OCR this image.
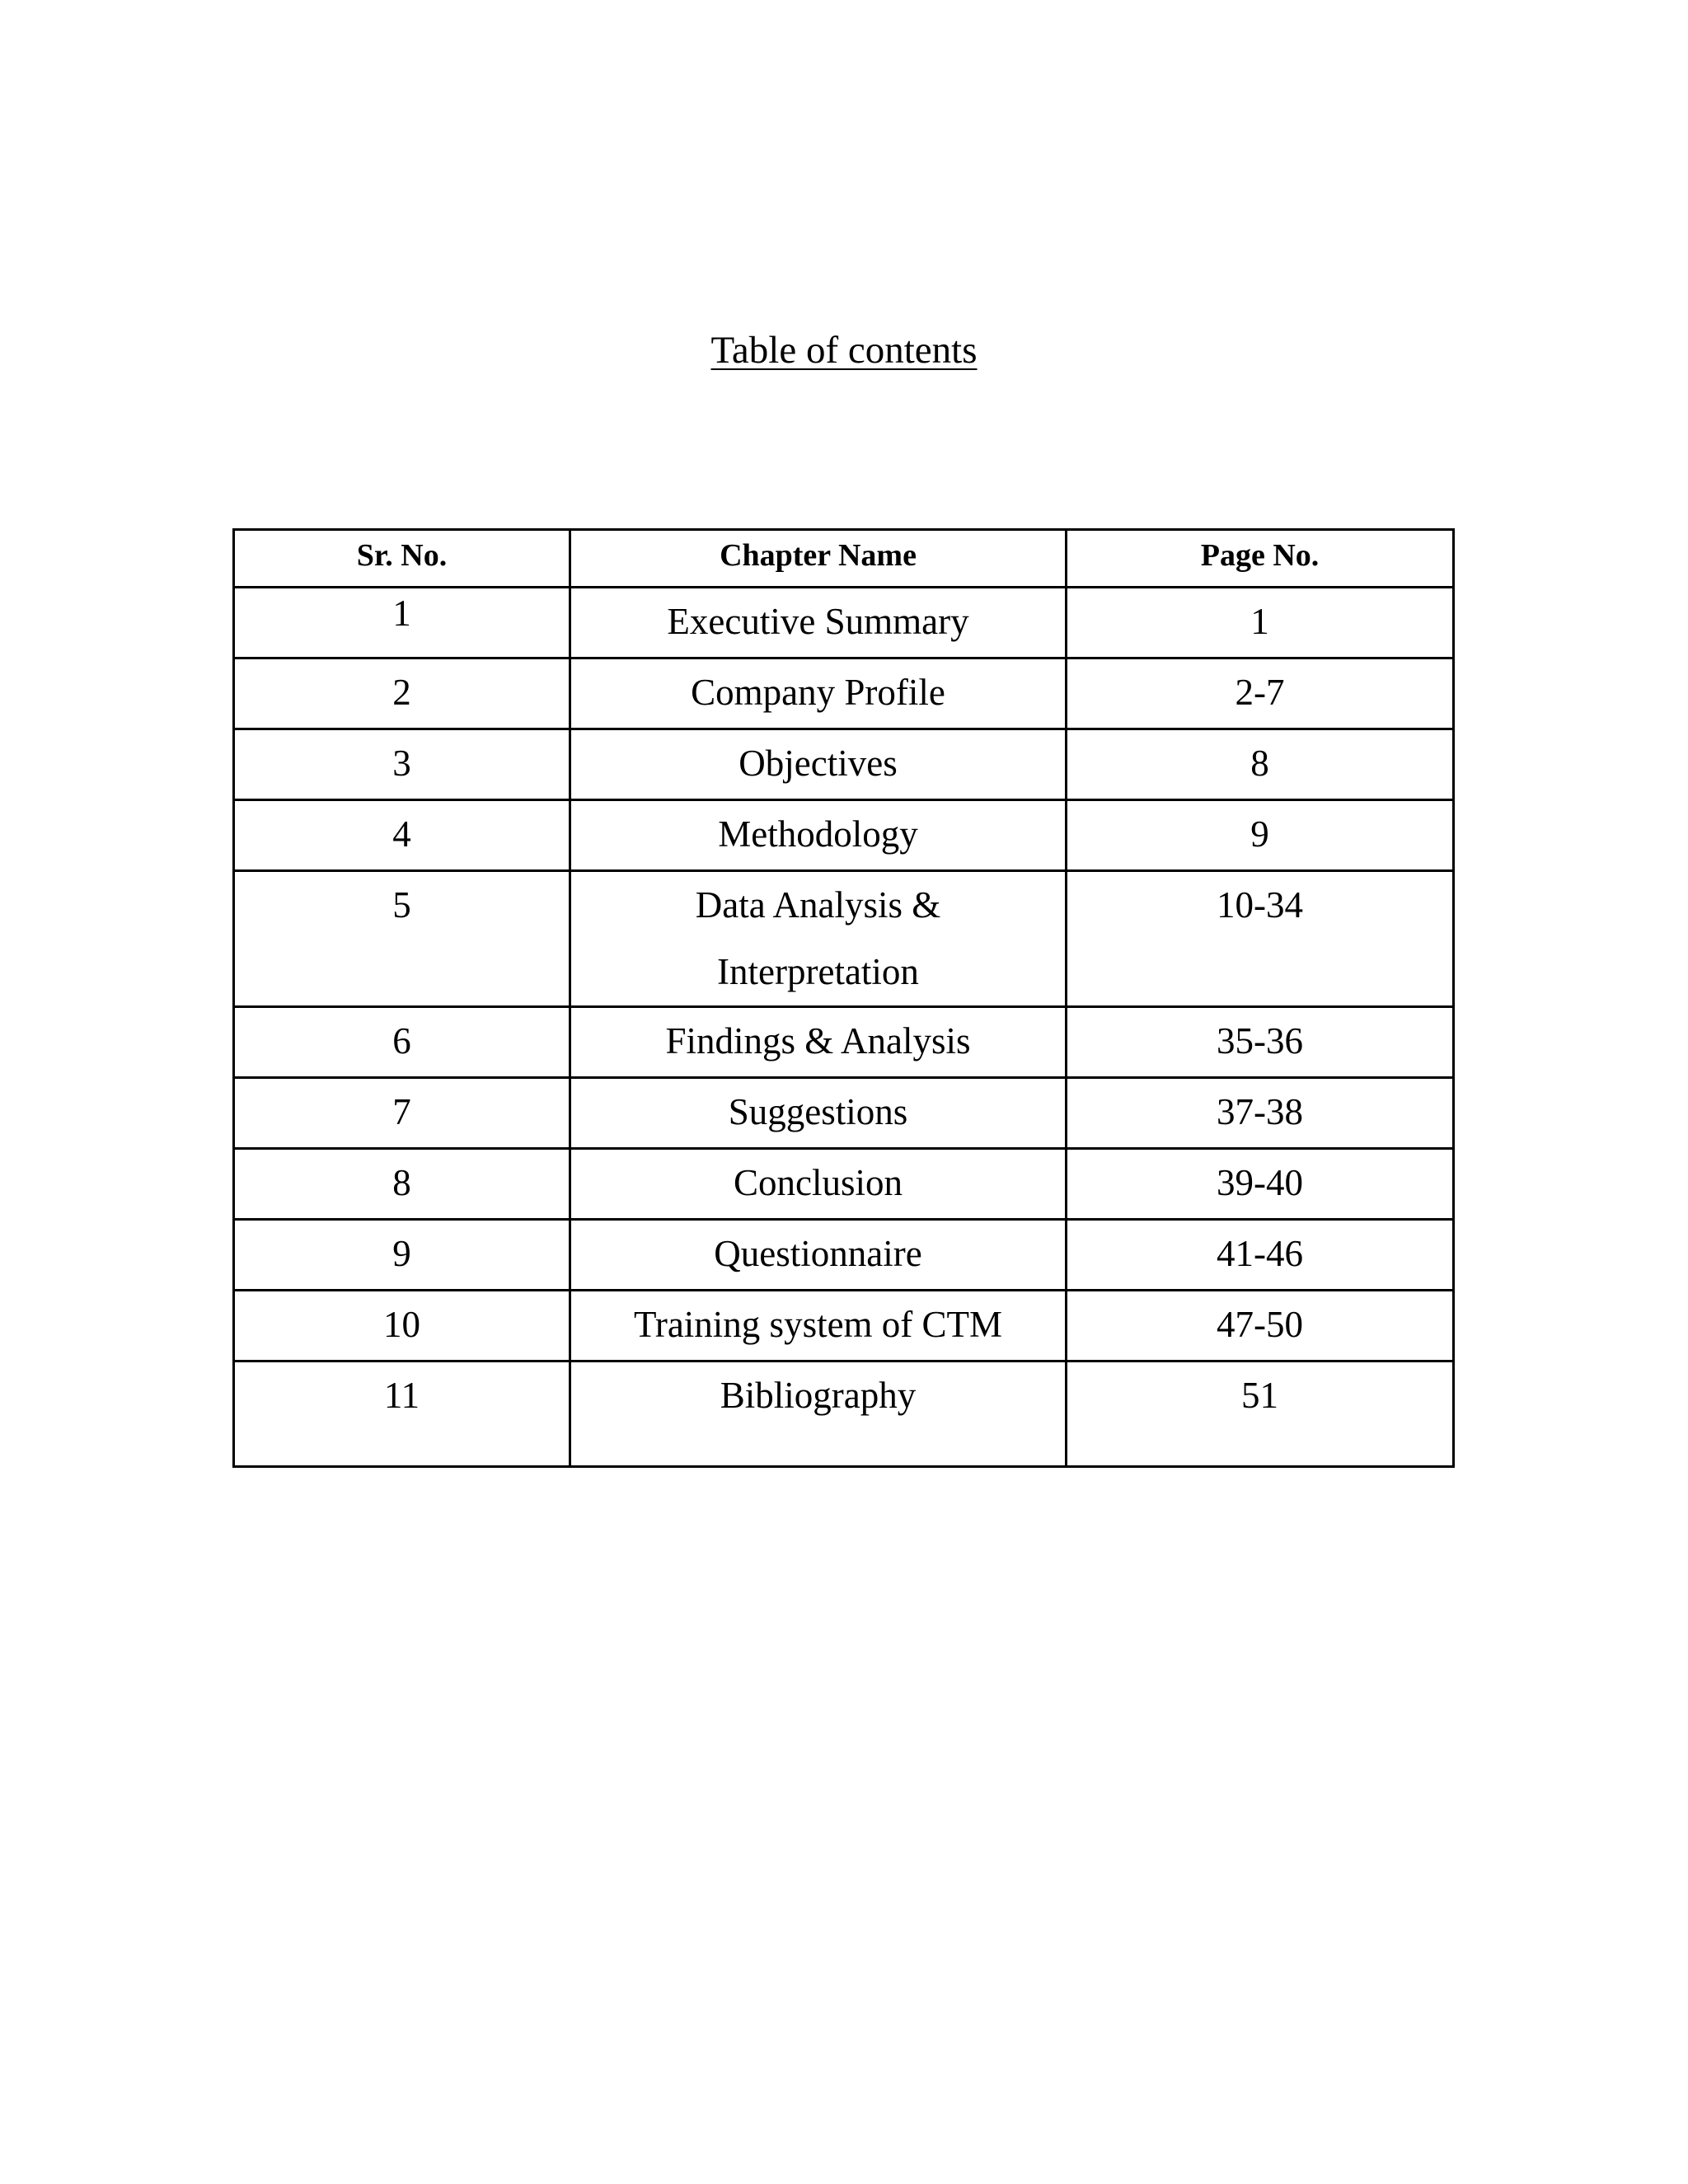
Table of contents
Sr. No.	Chapter Name	Page No.
1	Executive Summary	1
2	Company Profile	2-7
3	Objectives	8
4	Methodology	9
5	Data Analysis & Interpretation	10-34
6	Findings & Analysis	35-36
7	Suggestions	37-38
8	Conclusion	39-40
9	Questionnaire	41-46
10	Training system of CTM	47-50
11	Bibliography	51
